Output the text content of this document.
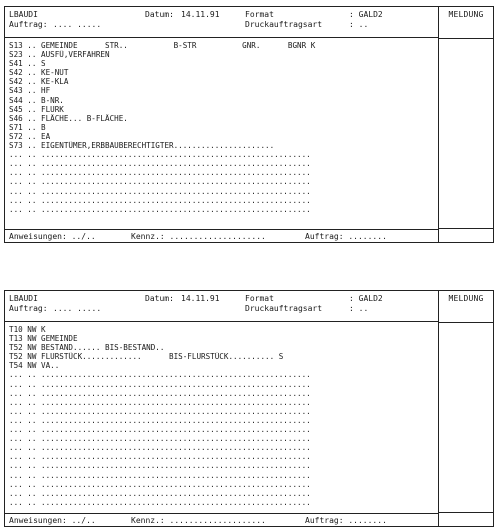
LBAUDI	Datum: 14.11.91	Format	: GALD2
Auftrag: .... .....	Druckauftragsart	: ..
S13 .. GEMEINDE      STR..          B-STR          GNR.      BGNR K
S23 .. AUSFÜ,VERFAHREN
S41 .. S
S42 .. KE-NUT
S42 .. KE-KLA
S43 .. HF
S44 .. B-NR.
S45 .. FLURK
S46 .. FLÄCHE... B-FLÄCHE.
S71 .. B
S72 .. EA
S73 .. EIGENTÜMER,ERBBAUBERECHTIGTER......................
... .. ...........................................................
... .. ...........................................................
... .. ...........................................................
... .. ...........................................................
... .. ...........................................................
... .. ...........................................................
... .. ...........................................................
Anweisungen: ../..	Kennz.: ....................	Auftrag: ........
MELDUNG
LBAUDI	Datum: 14.11.91	Format	: GALD2
Auftrag: .... .....	Druckauftragsart	: ..
T10 NW K
T13 NW GEMEINDE
T52 NW BESTAND...... BIS-BESTAND..
T52 NW FLURSTÜCK.............      BIS-FLURSTÜCK.......... S
T54 NW VA..
... .. ...........................................................
... .. ...........................................................
... .. ...........................................................
... .. ...........................................................
... .. ...........................................................
... .. ...........................................................
... .. ...........................................................
... .. ...........................................................
... .. ...........................................................
... .. ...........................................................
... .. ...........................................................
... .. ...........................................................
... .. ...........................................................
... .. ...........................................................
... .. ...........................................................
Anweisungen: ../..	Kennz.: ....................	Auftrag: ........
MELDUNG
